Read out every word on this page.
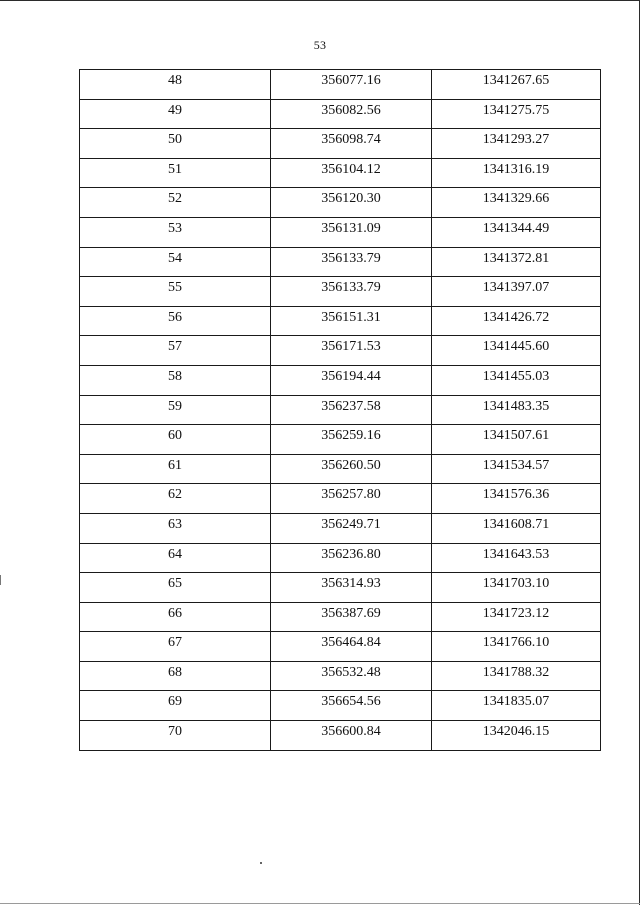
53
48	356077.16	1341267.65
49	356082.56	1341275.75
50	356098.74	1341293.27
51	356104.12	1341316.19
52	356120.30	1341329.66
53	356131.09	1341344.49
54	356133.79	1341372.81
55	356133.79	1341397.07
56	356151.31	1341426.72
57	356171.53	1341445.60
58	356194.44	1341455.03
59	356237.58	1341483.35
60	356259.16	1341507.61
61	356260.50	1341534.57
62	356257.80	1341576.36
63	356249.71	1341608.71
64	356236.80	1341643.53
65	356314.93	1341703.10
66	356387.69	1341723.12
67	356464.84	1341766.10
68	356532.48	1341788.32
69	356654.56	1341835.07
70	356600.84	1342046.15
